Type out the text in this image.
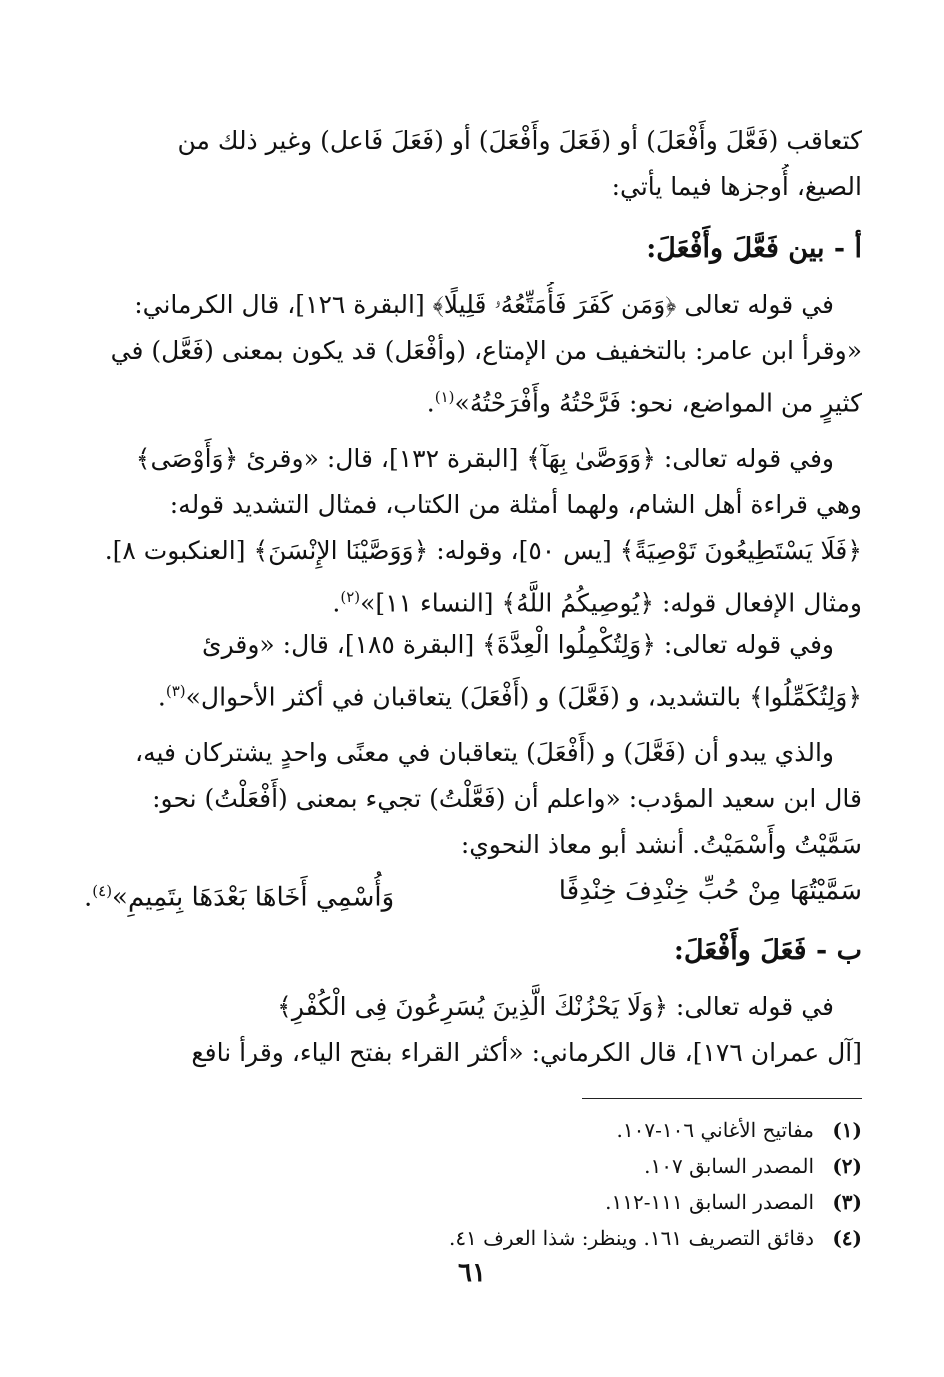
كتعاقب (فَعَّلَ وأَفْعَلَ) أو (فَعَلَ وأَفْعَلَ) أو (فَعَلَ فَاعل) وغير ذلك من
الصيغ، أُوجزها فيما يأتي:
أ - بين فَعَّلَ وأَفْعَلَ:
في قوله تعالى ﴿وَمَن كَفَرَ فَأُمَتِّعُهُۥ قَلِيلًا﴾ [البقرة ١٢٦]، قال الكرماني:
«وقرأ ابن عامر: بالتخفيف من الإمتاع، (وأفْعَل) قد يكون بمعنى (فَعَّل) في
كثيرٍ من المواضع، نحو: فَرَّحْتُهُ وأَفْرَحْتُهُ»$^{(١)}$.
وفي قوله تعالى: ﴿وَوَصَّىٰ بِهَآ﴾ [البقرة ١٣٢]، قال: «وقرئ ﴿وَأَوْصَى﴾
وهي قراءة أهل الشام، ولهما أمثلة من الكتاب، فمثال التشديد قوله:
﴿فَلَا يَسْتَطِيعُونَ تَوْصِيَةً﴾ [يس ٥٠]، وقوله: ﴿وَوَصَّيْنَا الإِنْسَنَ﴾ [العنكبوت ٨].
ومثال الإفعال قوله: ﴿يُوصِيكُمُ اللَّهُ﴾ [النساء ١١]»$^{(٢)}$.
وفي قوله تعالى: ﴿وَلِتُكْمِلُوا الْعِدَّةَ﴾ [البقرة ١٨٥]، قال: «وقرئ
﴿وَلِتُكَمِّلُوا﴾ بالتشديد، و (فَعَّلَ) و (أَفْعَلَ) يتعاقبان في أكثر الأحوال»$^{(٣)}$.
والذي يبدو أن (فَعَّلَ) و (أَفْعَلَ) يتعاقبان في معنًى واحدٍ يشتركان فيه،
قال ابن سعيد المؤدب: «واعلم أن (فَعَّلْتُ) تجيء بمعنى (أَفْعَلْتُ) نحو:
سَمَّيْتُ وأَسْمَيْتُ. أنشد أبو معاذ النحوي:
سَمَّيْتُهَا مِنْ حُبِّ خِنْدِفَ خِنْدِفًا
وَأُسْمِي أَخَاهَا بَعْدَهَا بِتَمِيمِ»$^{(٤)}$.
ب - فَعَلَ وأَفْعَلَ:
في قوله تعالى: ﴿وَلَا يَحْزُنْكَ الَّذِينَ يُسَرِعُونَ فِى الْكُفْرِ﴾
[آل عمران ١٧٦]، قال الكرماني: «أكثر القراء بفتح الياء، وقرأ نافع
(١)مفاتيح الأغاني ١٠٦-١٠٧.
(٢)المصدر السابق ١٠٧.
(٣)المصدر السابق ١١١-١١٢.
(٤)دقائق التصريف ١٦١. وينظر: شذا العرف ٤١.
٦١
